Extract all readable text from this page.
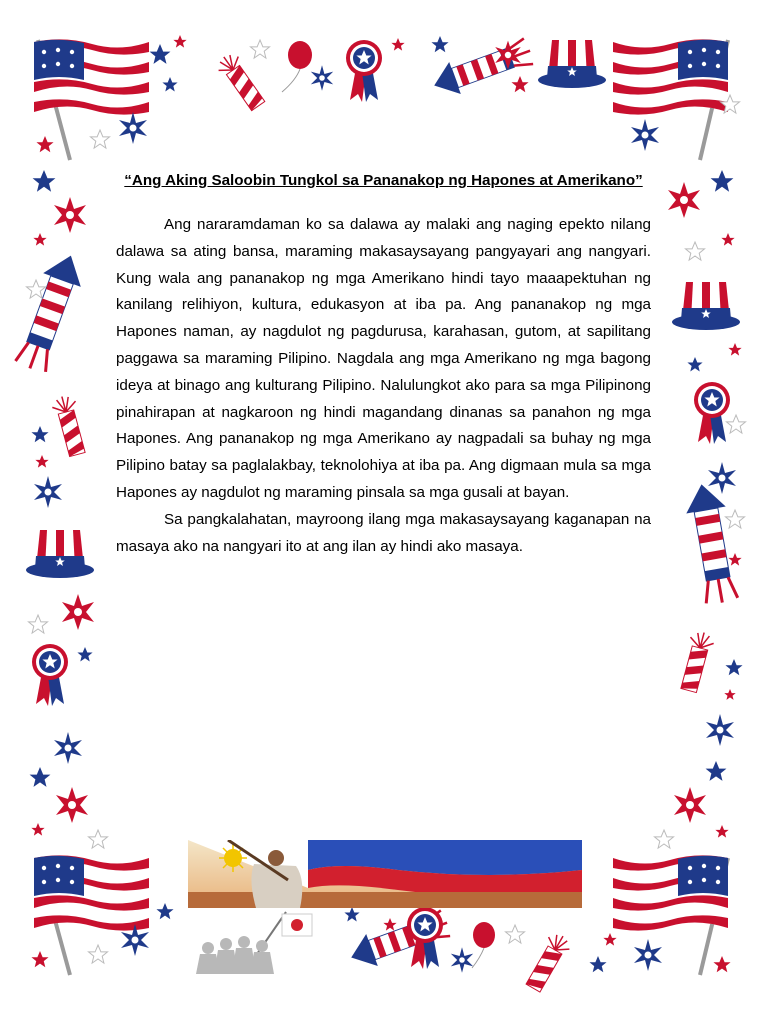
“Ang Aking Saloobin Tungkol sa Pananakop ng Hapones at Amerikano”

Ang nararamdaman ko sa dalawa ay malaki ang naging epekto nilang dalawa sa ating bansa, maraming makasaysayang pangyayari ang nangyari. Kung wala ang pananakop ng mga Amerikano hindi tayo maaapektuhan ng kanilang relihiyon, kultura, edukasyon at iba pa. Ang pananakop ng mga Hapones naman, ay nagdulot ng pagdurusa, karahasan, gutom, at sapilitang paggawa sa maraming Pilipino. Nagdala ang mga Amerikano ng mga bagong ideya at binago ang kulturang Pilipino. Nalulungkot ako para sa mga Pilipinong pinahirapan at nagkaroon ng hindi magandang dinanas sa panahon ng mga Hapones. Ang pananakop ng mga Amerikano ay nagpadali sa buhay ng mga Pilipino batay sa paglalakbay, teknolohiya at iba pa. Ang digmaan mula sa mga Hapones ay nagdulot ng maraming pinsala sa mga gusali at bayan.

Sa pangkalahatan, mayroong ilang mga makasaysayang kaganapan na masaya ako na nangyari ito at ang ilan ay hindi ako masaya.
